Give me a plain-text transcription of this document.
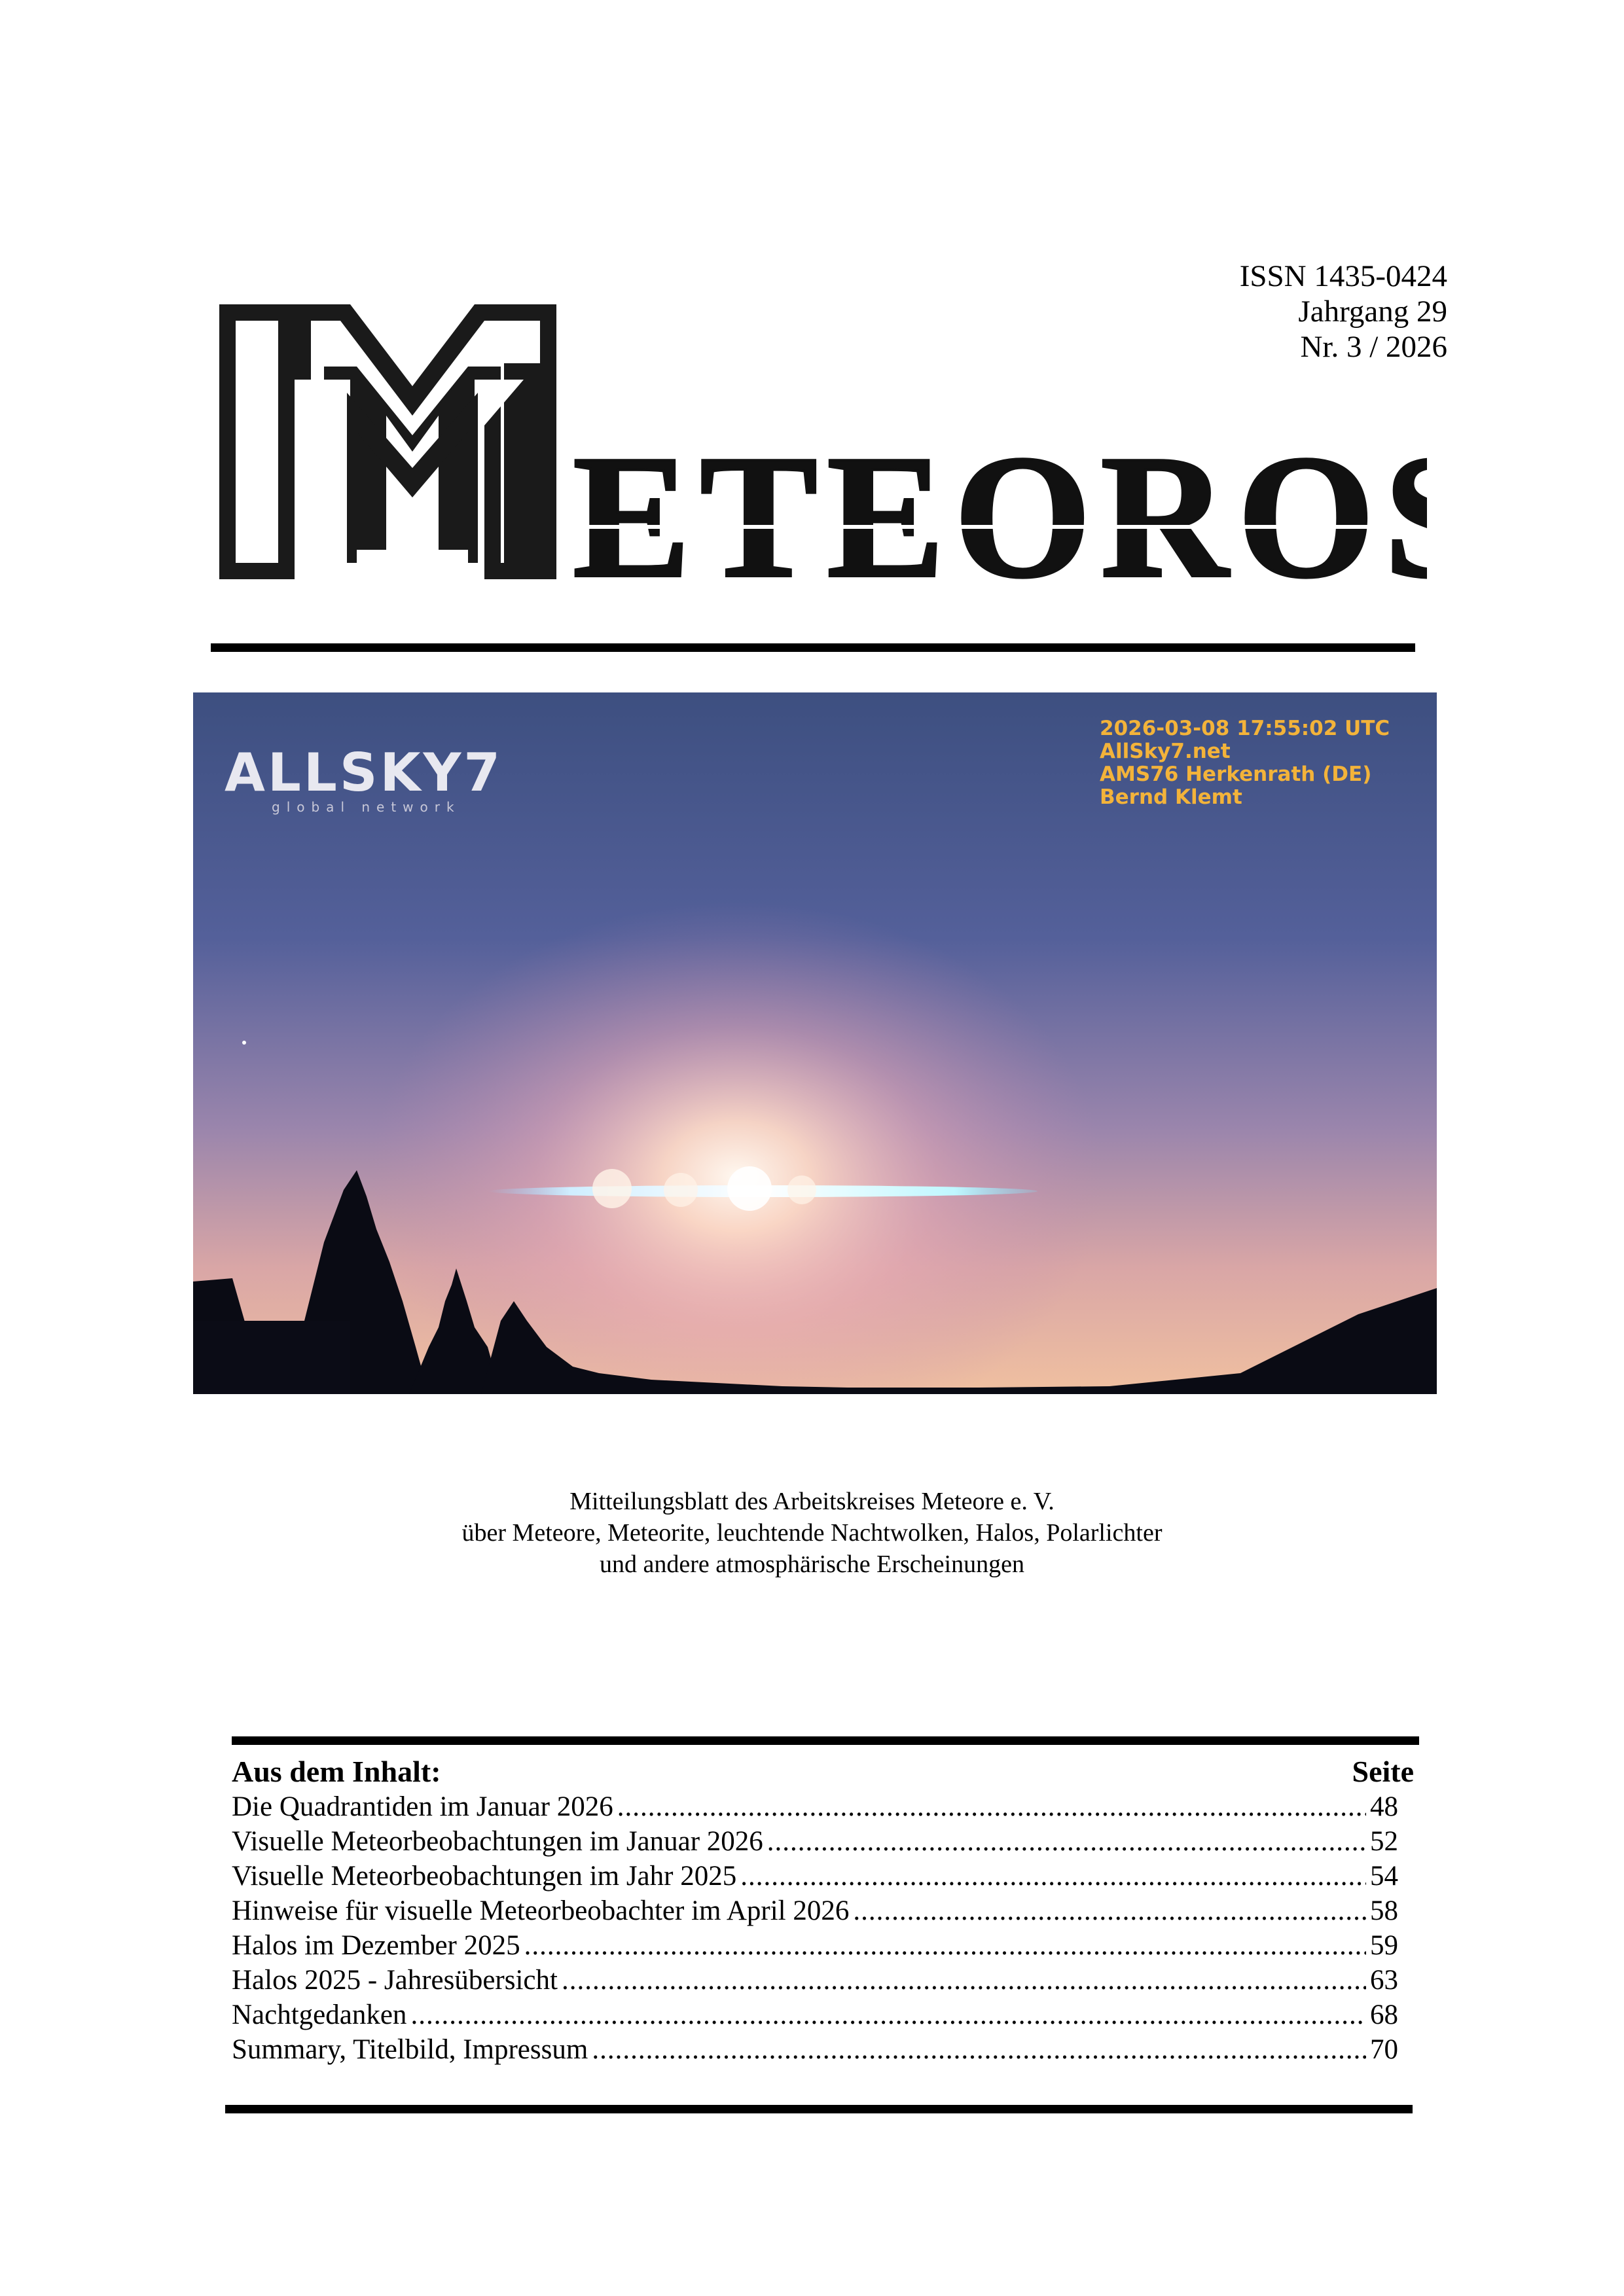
ISSN 1435-0424
Jahrgang 29
Nr. 3 / 2026
ETEOROS
ALLSKY7
global network
2026-03-08 17:55:02 UTC
AllSky7.net
AMS76 Herkenrath (DE)
Bernd Klemt
Mitteilungsblatt des Arbeitskreises Meteore e. V.
über Meteore, Meteorite, leuchtende Nachtwolken, Halos, Polarlichter
und andere atmosphärische Erscheinungen
Aus dem Inhalt:	Seite
Die Quadrantiden im Januar 2026 .....	48
Visuelle Meteorbeobachtungen im Januar 2026 .....	52
Visuelle Meteorbeobachtungen im Jahr 2025 .....	54
Hinweise für visuelle Meteorbeobachter im April 2026 .....	58
Halos im Dezember 2025 .....	59
Halos 2025 - Jahresübersicht .....	63
Nachtgedanken .....	68
Summary, Titelbild, Impressum .....	70
